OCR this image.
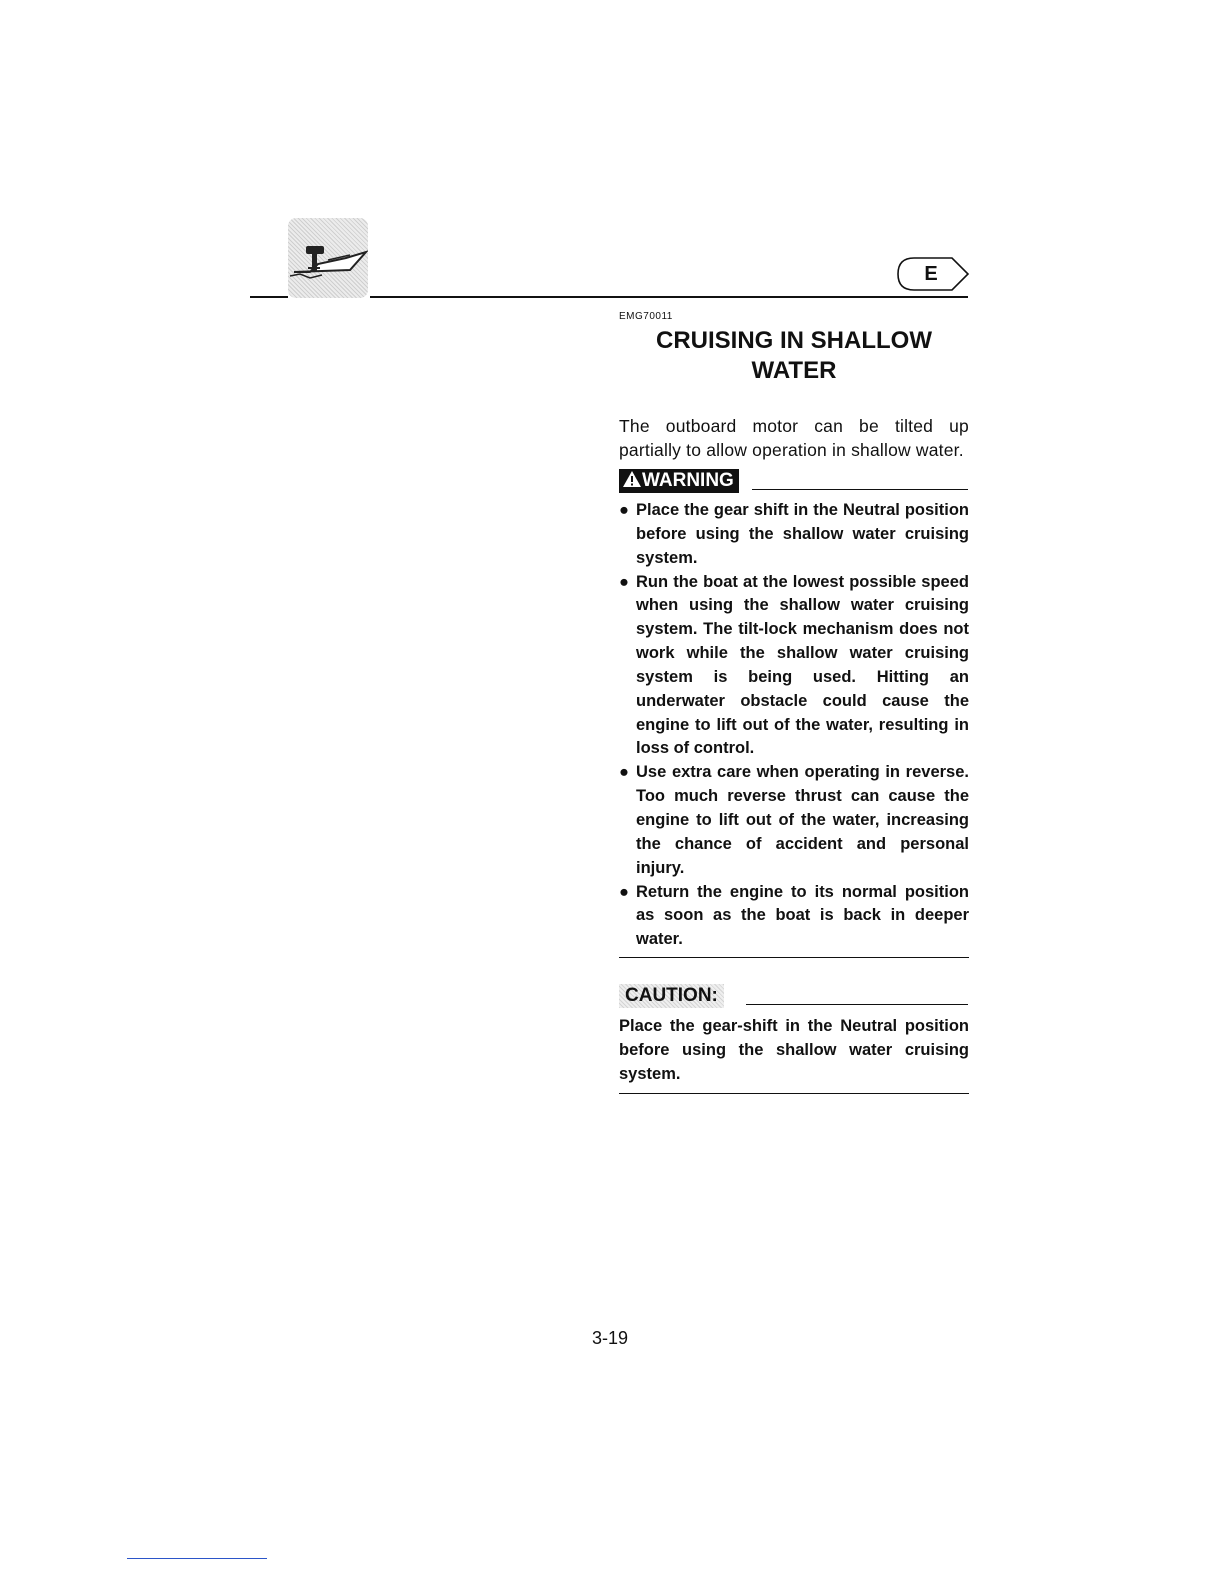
E
EMG70011
CRUISING IN SHALLOW
WATER
The outboard motor can be tilted up partially to allow operation in shallow water.
WARNING
● Place the gear shift in the Neutral position before using the shallow water cruising system.
● Run the boat at the lowest possible speed when using the shallow water cruising system. The tilt-lock mechanism does not work while the shallow water cruising system is being used. Hitting an underwater obstacle could cause the engine to lift out of the water, resulting in loss of control.
● Use extra care when operating in reverse. Too much reverse thrust can cause the engine to lift out of the water, increasing the chance of accident and personal injury.
● Return the engine to its normal position as soon as the boat is back in deeper water.
CAUTION:
Place the gear-shift in the Neutral position before using the shallow water cruising system.
3-19
